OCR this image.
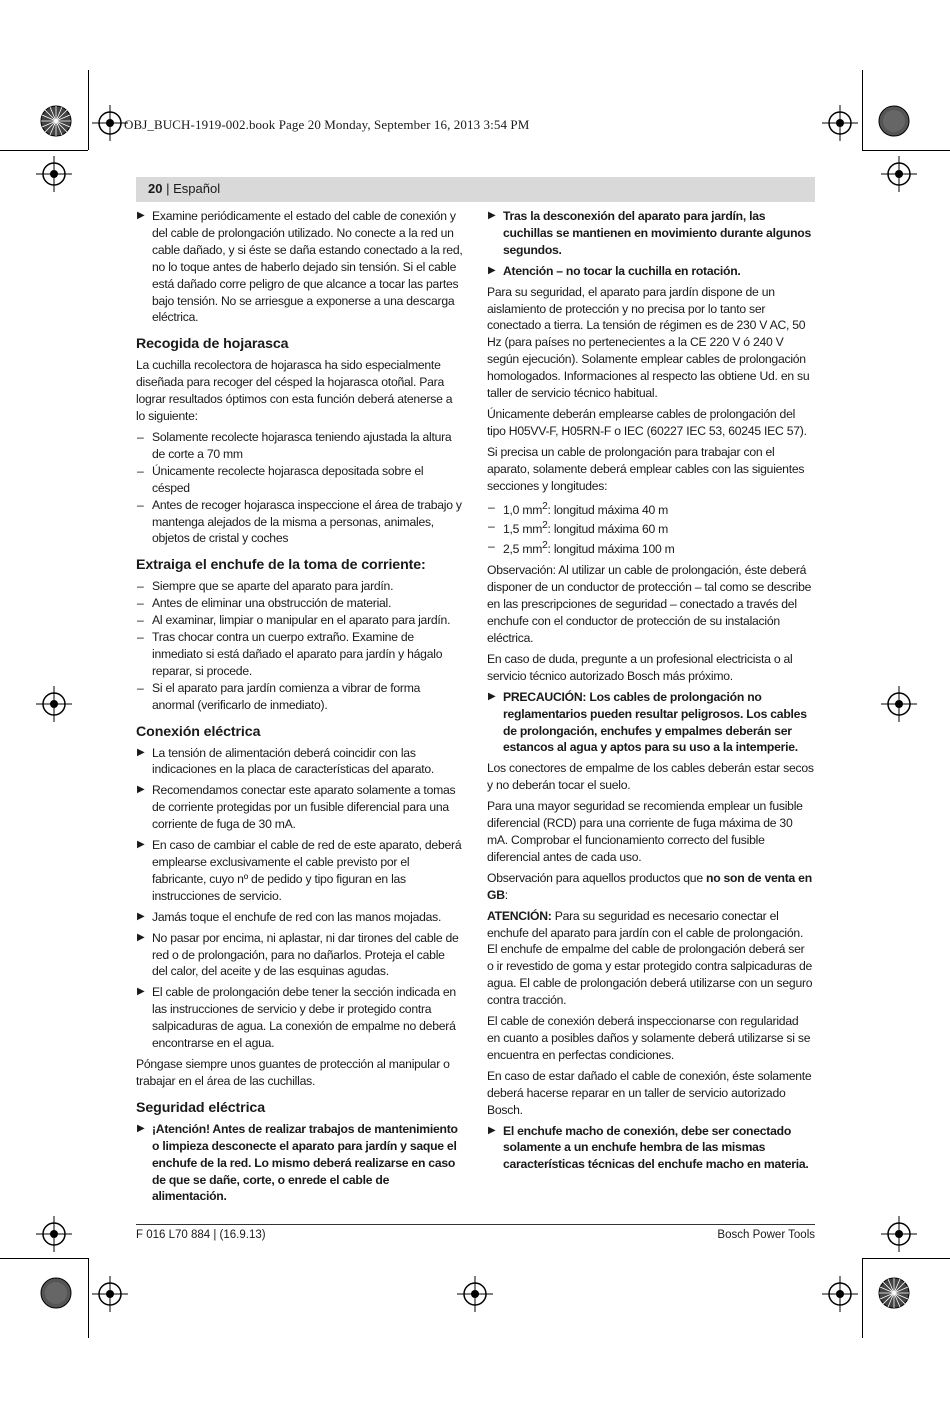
OBJ_BUCH-1919-002.book Page 20 Monday, September 16, 2013 3:54 PM
20 | Español
▶ Examine periódicamente el estado del cable de conexión y del cable de prolongación utilizado. No conecte a la red un cable dañado, y si éste se daña estando conectado a la red, no lo toque antes de haberlo dejado sin tensión. Si el cable está dañado corre peligro de que alcance a tocar las partes bajo tensión. No se arriesgue a exponerse a una descarga eléctrica.
Recogida de hojarasca

La cuchilla recolectora de hojarasca ha sido especialmente diseñada para recoger del césped la hojarasca otoñal. Para lograr resultados óptimos con esta función deberá atenerse a lo siguiente:

– Solamente recolecte hojarasca teniendo ajustada la altura de corte a 70 mm
– Únicamente recolecte hojarasca depositada sobre el césped
– Antes de recoger hojarasca inspeccione el área de trabajo y mantenga alejados de la misma a personas, animales, objetos de cristal y coches
Extraiga el enchufe de la toma de corriente:
– Siempre que se aparte del aparato para jardín.
– Antes de eliminar una obstrucción de material.
– Al examinar, limpiar o manipular en el aparato para jardín.
– Tras chocar contra un cuerpo extraño. Examine de inmediato si está dañado el aparato para jardín y hágalo reparar, si procede.
– Si el aparato para jardín comienza a vibrar de forma anormal (verificarlo de inmediato).
Conexión eléctrica
▶ La tensión de alimentación deberá coincidir con las indicaciones en la placa de características del aparato.
▶ Recomendamos conectar este aparato solamente a tomas de corriente protegidas por un fusible diferencial para una corriente de fuga de 30 mA.
▶ En caso de cambiar el cable de red de este aparato, deberá emplearse exclusivamente el cable previsto por el fabricante, cuyo nº de pedido y tipo figuran en las instrucciones de servicio.
▶ Jamás toque el enchufe de red con las manos mojadas.
▶ No pasar por encima, ni aplastar, ni dar tirones del cable de red o de prolongación, para no dañarlos. Proteja el cable del calor, del aceite y de las esquinas agudas.
▶ El cable de prolongación debe tener la sección indicada en las instrucciones de servicio y debe ir protegido contra salpicaduras de agua. La conexión de empalme no deberá encontrarse en el agua.

Póngase siempre unos guantes de protección al manipular o trabajar en el área de las cuchillas.

Seguridad eléctrica
▶ ¡Atención! Antes de realizar trabajos de mantenimiento o limpieza desconecte el aparato para jardín y saque el enchufe de la red. Lo mismo deberá realizarse en caso de que se dañe, corte, o enrede el cable de alimentación.
▶ Tras la desconexión del aparato para jardín, las cuchillas se mantienen en movimiento durante algunos segundos.
▶ Atención – no tocar la cuchilla en rotación.

Para su seguridad, el aparato para jardín dispone de un aislamiento de protección y no precisa por lo tanto ser conectado a tierra. La tensión de régimen es de 230 V AC, 50 Hz (para países no pertenecientes a la CE 220 V ó 240 V según ejecución). Solamente emplear cables de prolongación homologados. Informaciones al respecto las obtiene Ud. en su taller de servicio técnico habitual.

Únicamente deberán emplearse cables de prolongación del tipo H05VV-F, H05RN-F o IEC (60227 IEC 53, 60245 IEC 57).

Si precisa un cable de prolongación para trabajar con el aparato, solamente deberá emplear cables con las siguientes secciones y longitudes:

– 1,0 $mm^2$: longitud máxima 40 m
– 1,5 $mm^2$: longitud máxima 60 m
– 2,5 $mm^2$: longitud máxima 100 m

Observación: Al utilizar un cable de prolongación, éste deberá disponer de un conductor de protección – tal como se describe en las prescripciones de seguridad – conectado a través del enchufe con el conductor de protección de su instalación eléctrica.

En caso de duda, pregunte a un profesional electricista o al servicio técnico autorizado Bosch más próximo.

▶ PRECAUCIÓN: Los cables de prolongación no reglamentarios pueden resultar peligrosos. Los cables de prolongación, enchufes y empalmes deberán ser estancos al agua y aptos para su uso a la intemperie.

Los conectores de empalme de los cables deberán estar secos y no deberán tocar el suelo.

Para una mayor seguridad se recomienda emplear un fusible diferencial (RCD) para una corriente de fuga máxima de 30 mA. Comprobar el funcionamiento correcto del fusible diferencial antes de cada uso.

Observación para aquellos productos que no son de venta en GB:

ATENCIÓN: Para su seguridad es necesario conectar el enchufe del aparato para jardín con el cable de prolongación. El enchufe de empalme del cable de prolongación deberá ser o ir revestido de goma y estar protegido contra salpicaduras de agua. El cable de prolongación deberá utilizarse con un seguro contra tracción.

El cable de conexión deberá inspeccionarse con regularidad en cuanto a posibles daños y solamente deberá utilizarse si se encuentra en perfectas condiciones.

En caso de estar dañado el cable de conexión, éste solamente deberá hacerse reparar en un taller de servicio autorizado Bosch.

▶ El enchufe macho de conexión, debe ser conectado solamente a un enchufe hembra de las mismas características técnicas del enchufe macho en materia.
F 016 L70 884 | (16.9.13)	Bosch Power Tools
